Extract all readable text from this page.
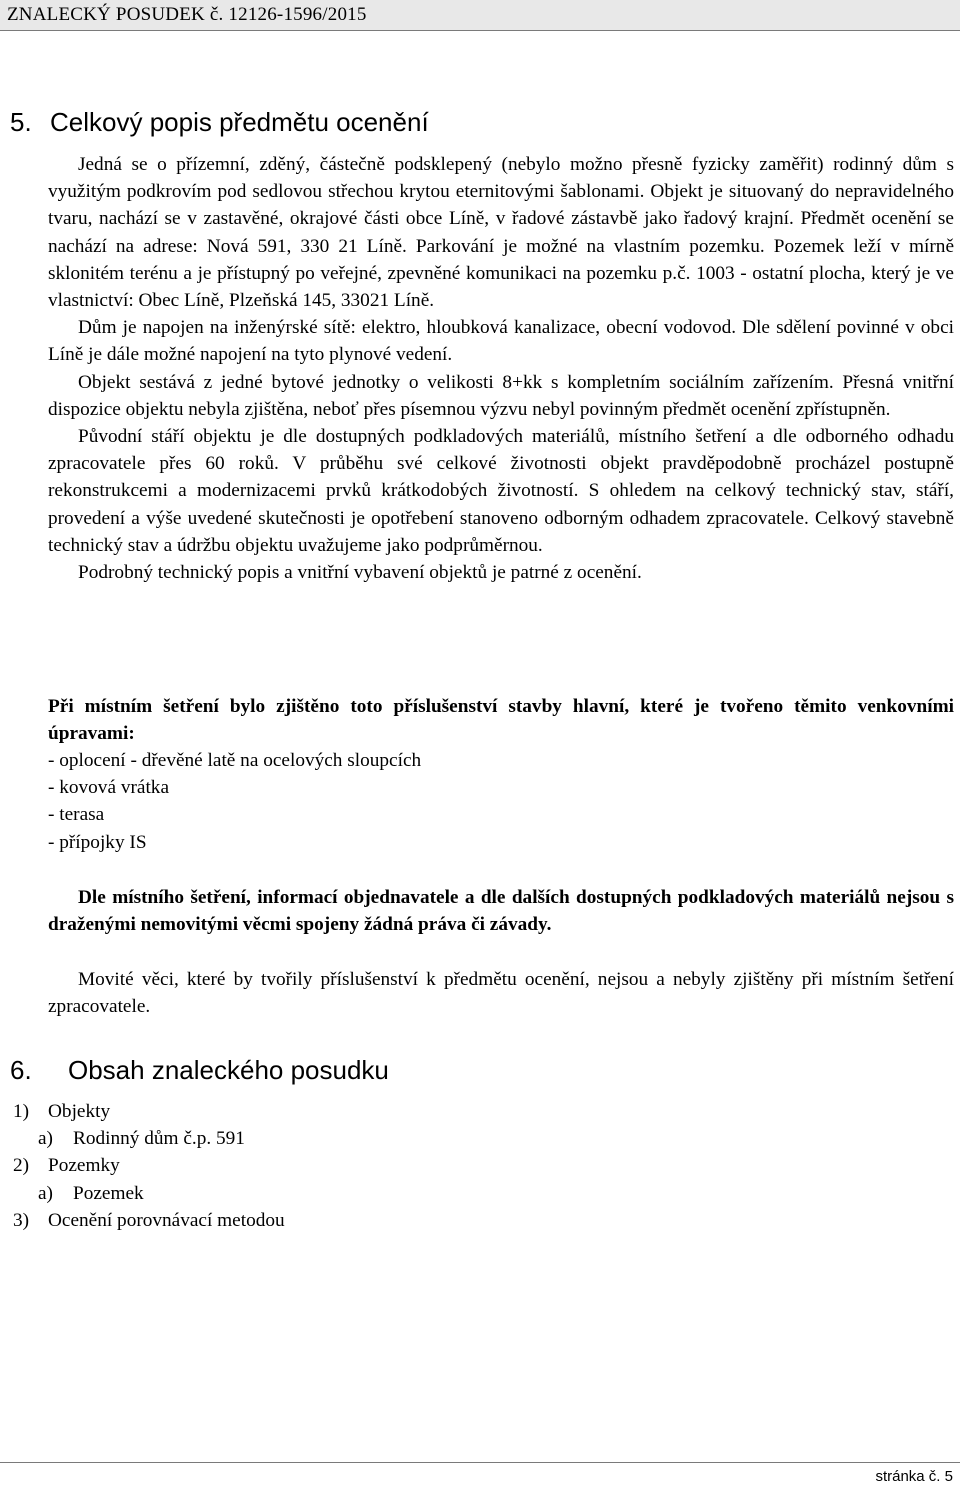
ZNALECKÝ POSUDEK č. 12126-1596/2015
5. Celkový popis předmětu ocenění

Jedná se o přízemní, zděný, částečně podsklepený (nebylo možno přesně fyzicky zaměřit) rodinný dům s využitým podkrovím pod sedlovou střechou krytou eternitovými šablonami. Objekt je situovaný do nepravidelného tvaru, nachází se v zastavěné, okrajové části obce Líně, v řadové zástavbě jako řadový krajní. Předmět ocenění se nachází na adrese: Nová 591, 330 21 Líně. Parkování je možné na vlastním pozemku. Pozemek leží v mírně sklonitém terénu a je přístupný po veřejné, zpevněné komunikaci na pozemku p.č. 1003 - ostatní plocha, který je ve vlastnictví: Obec Líně, Plzeňská 145, 33021 Líně.

Dům je napojen na inženýrské sítě: elektro, hloubková kanalizace, obecní vodovod. Dle sdělení povinné v obci Líně je dále možné napojení na tyto plynové vedení.

Objekt sestává z jedné bytové jednotky o velikosti 8+kk s kompletním sociálním zařízením. Přesná vnitřní dispozice objektu nebyla zjištěna, neboť přes písemnou výzvu nebyl povinným předmět ocenění zpřístupněn.

Původní stáří objektu je dle dostupných podkladových materiálů, místního šetření a dle odborného odhadu zpracovatele přes 60 roků. V průběhu své celkové životnosti objekt pravděpodobně procházel postupně rekonstrukcemi a modernizacemi prvků krátkodobých životností. S ohledem na celkový technický stav, stáří, provedení a výše uvedené skutečnosti je opotřebení stanoveno odborným odhadem zpracovatele. Celkový stavebně technický stav a údržbu objektu uvažujeme jako podprůměrnou.

Podrobný technický popis a vnitřní vybavení objektů je patrné z ocenění.

Při místním šetření bylo zjištěno toto příslušenství stavby hlavní, které je tvořeno těmito venkovními úpravami:

- oplocení - dřevěné latě na ocelových sloupcích
- kovová vrátka
- terasa
- přípojky IS

Dle místního šetření, informací objednavatele a dle dalších dostupných podkladových materiálů nejsou s draženými nemovitými věcmi spojeny žádná práva či závady.

Movité věci, které by tvořily příslušenství k předmětu ocenění, nejsou a nebyly zjištěny při místním šetření zpracovatele.

6. Obsah znaleckého posudku
1) Objekty
a) Rodinný dům č.p. 591
2) Pozemky
a) Pozemek
3) Ocenění porovnávací metodou
stránka č. 5
